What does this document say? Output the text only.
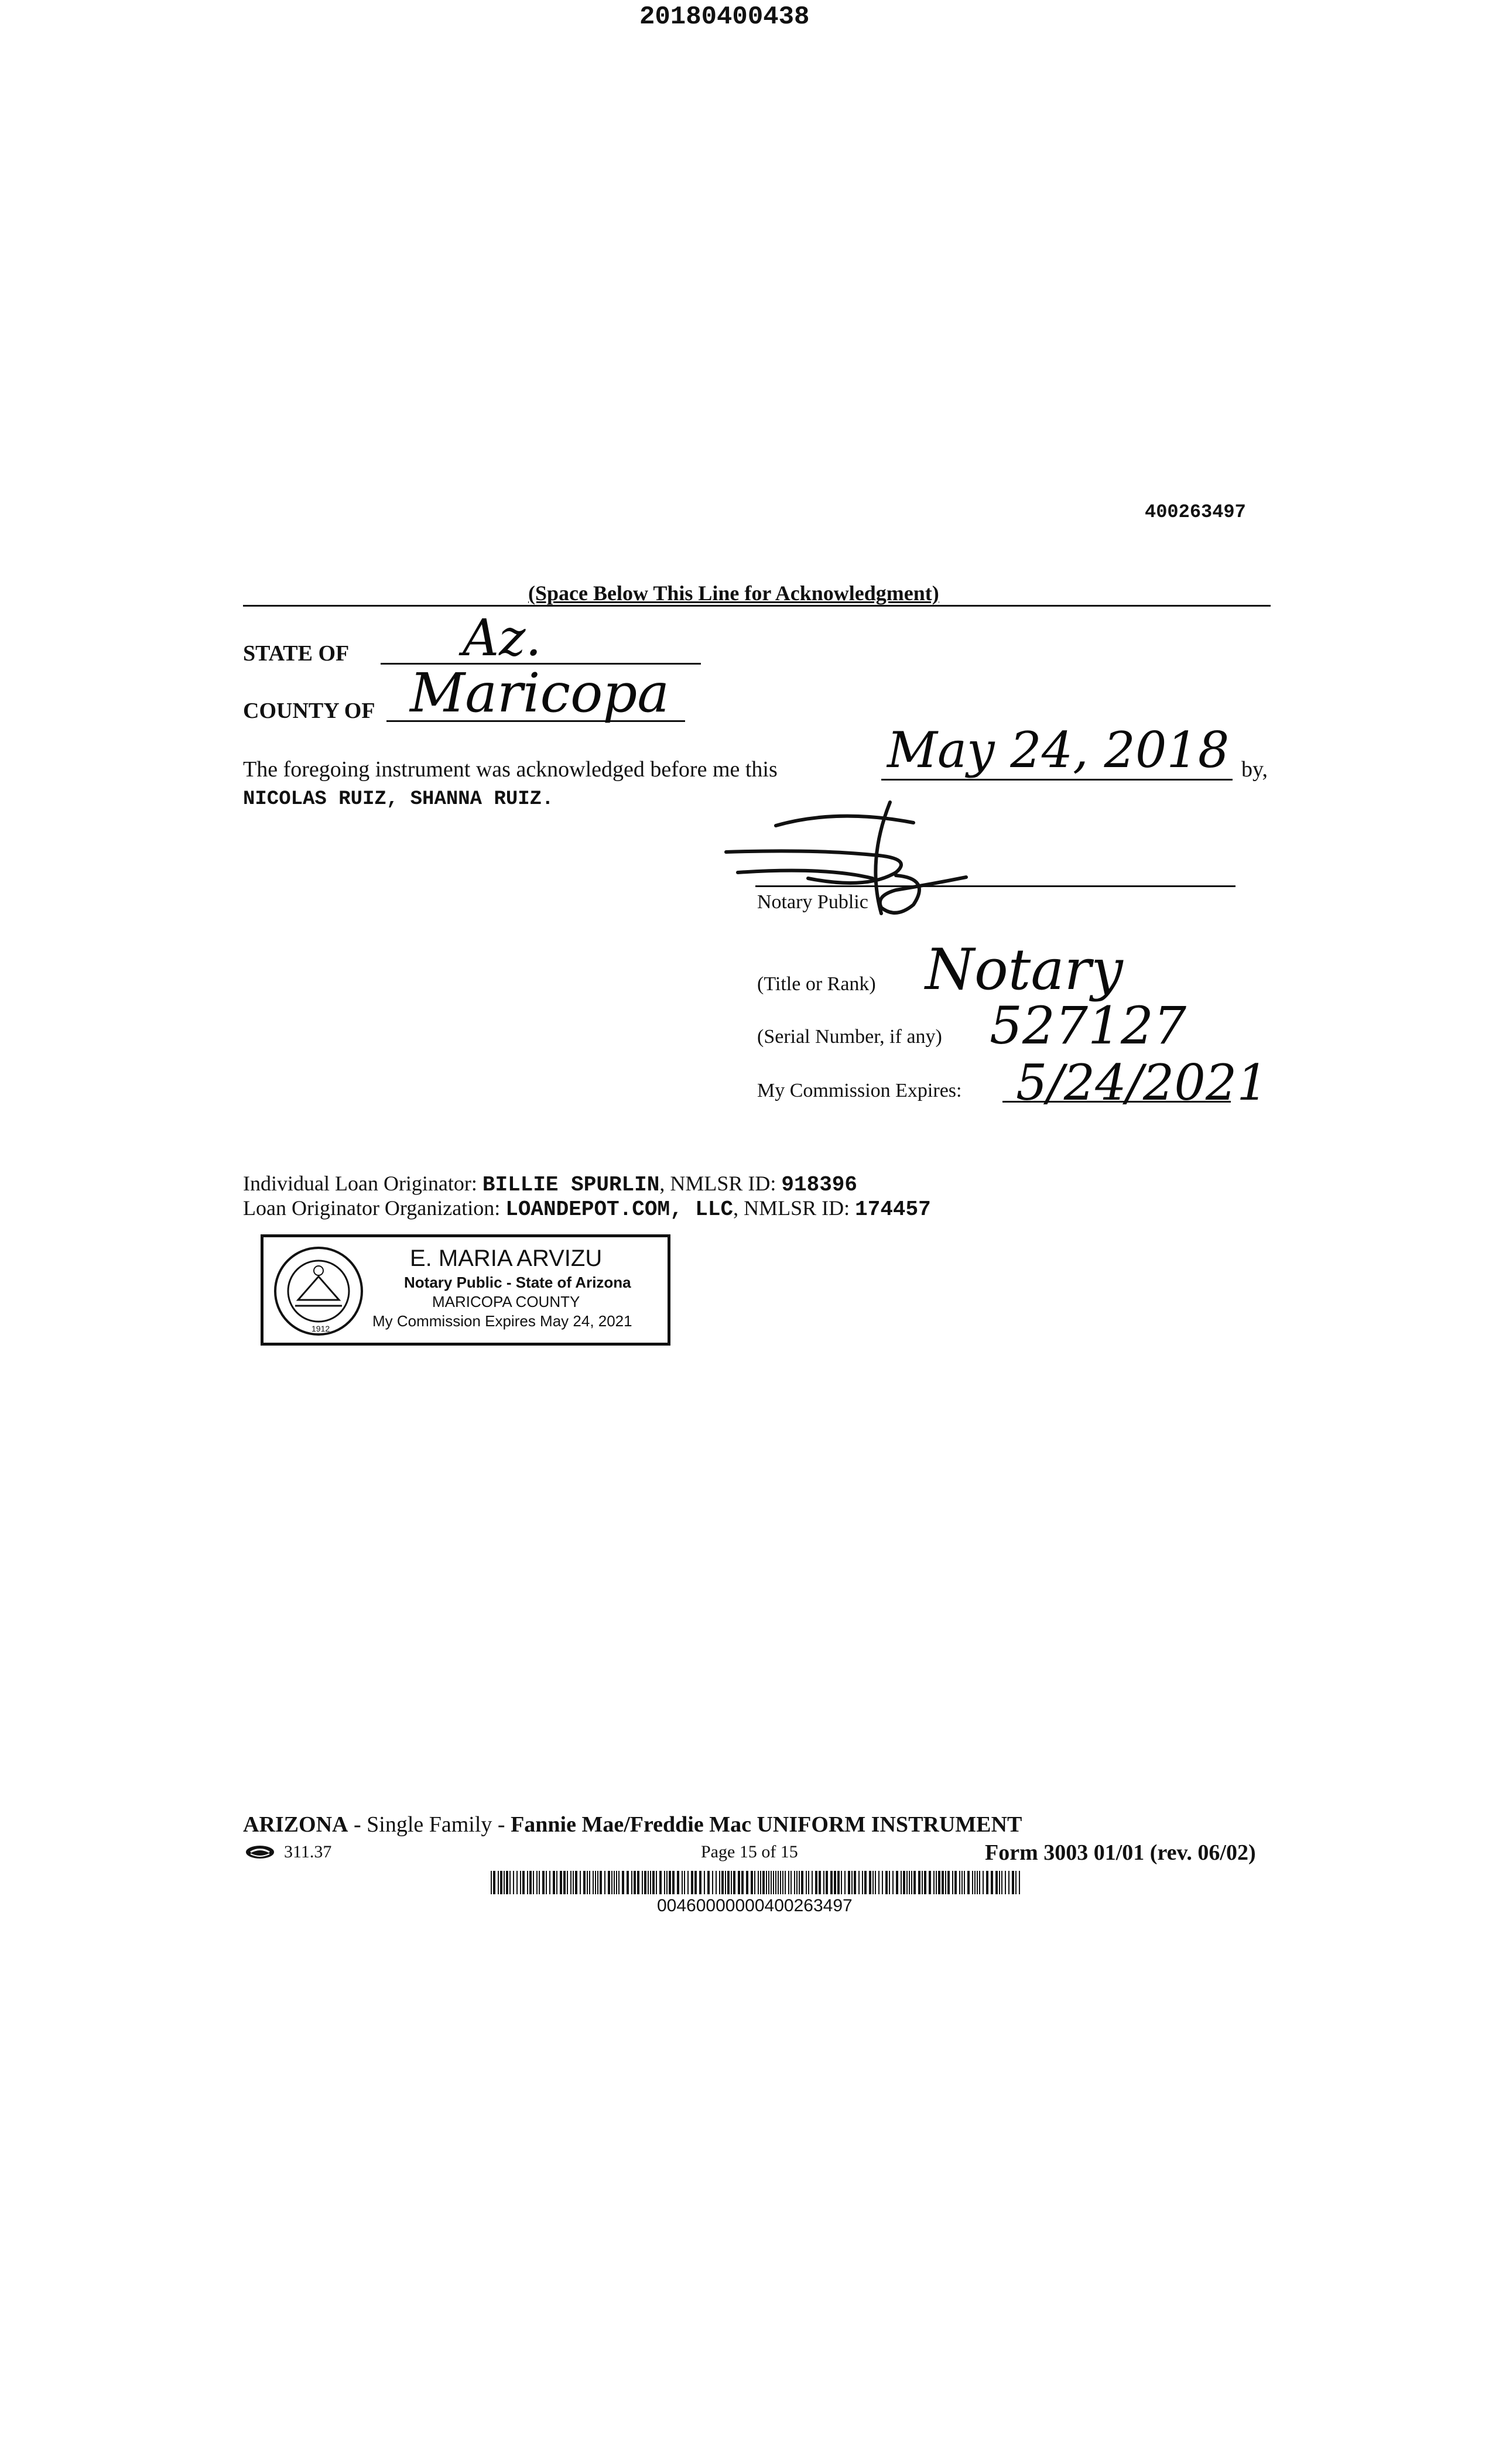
20180400438
400263497
(Space Below This Line for Acknowledgment)
STATE OF Az.
COUNTY OF Maricopa
The foregoing instrument was acknowledged before me this May 24, 2018 by,
NICOLAS RUIZ, SHANNA RUIZ.
Notary Public
(Title or Rank) Notary
(Serial Number, if any) 527127
My Commission Expires: 5/24/2021
Individual Loan Originator: BILLIE SPURLIN, NMLSR ID: 918396
Loan Originator Organization: LOANDEPOT.COM, LLC, NMLSR ID: 174457
1912
E. MARIA ARVIZU
Notary Public - State of Arizona
MARICOPA COUNTY
My Commission Expires May 24, 2021
ARIZONA - Single Family - Fannie Mae/Freddie Mac UNIFORM INSTRUMENT
311.37	Page 15 of 15	Form 3003 01/01 (rev. 06/02)
00460000000400263497
